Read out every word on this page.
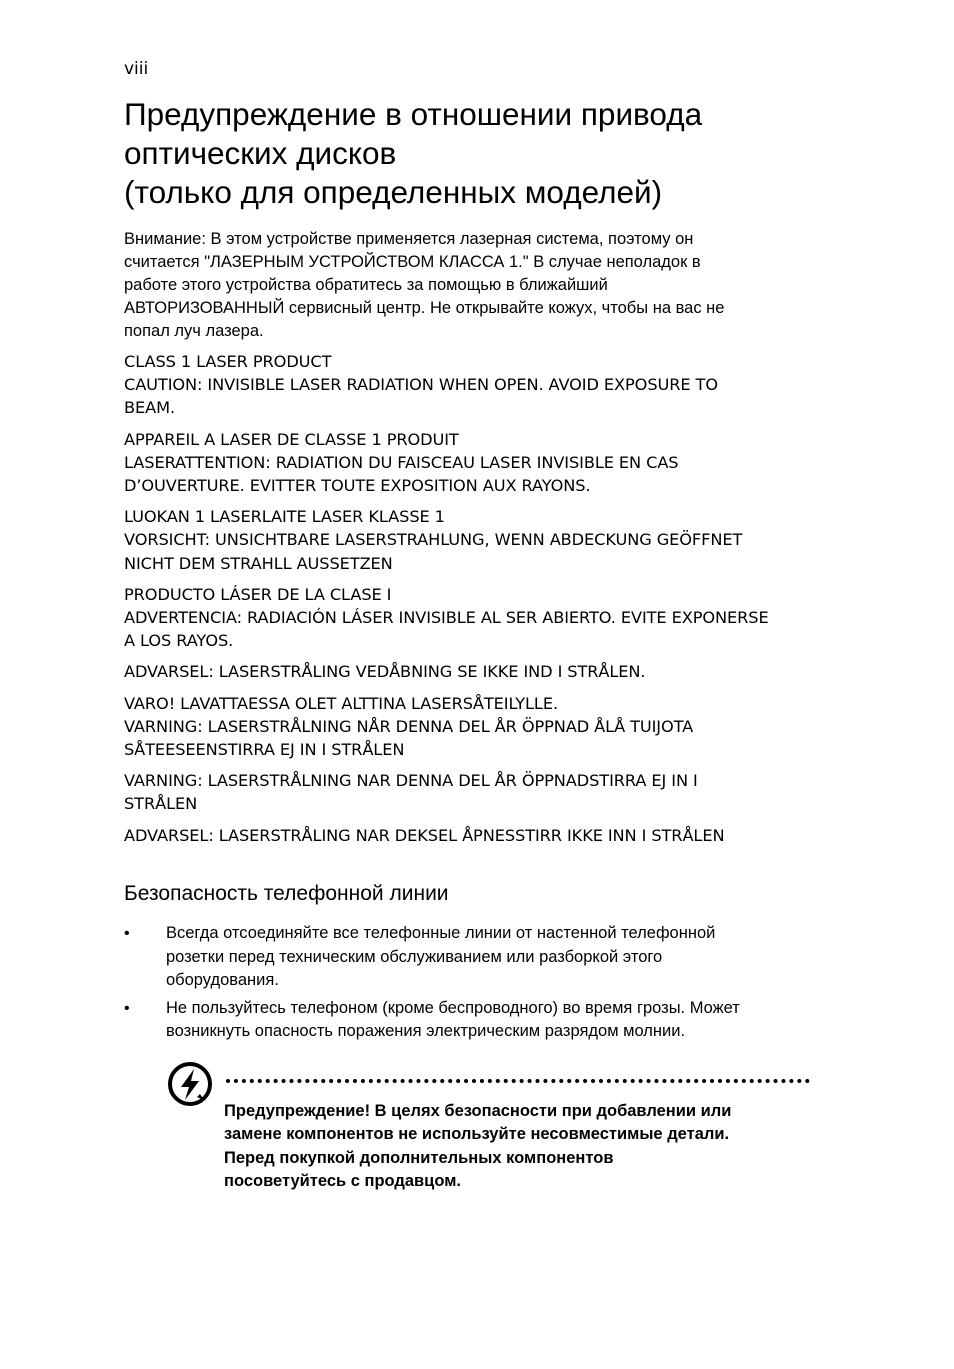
viii
Предупреждение в отношении привода
оптических дисков
(только для определенных моделей)
Внимание: В этом устройстве применяется лазерная система, поэтому он
считается "ЛАЗЕРНЫМ УСТРОЙСТВОМ КЛАССА 1." В случае неполадок в
работе этого устройства обратитесь за помощью в ближайший
АВТОРИЗОВАННЫЙ сервисный центр. Не открывайте кожух, чтобы на вас не
попал луч лазера.
CLASS 1 LASER PRODUCT
CAUTION: INVISIBLE LASER RADIATION WHEN OPEN. AVOID EXPOSURE TO
BEAM.
APPAREIL A LASER DE CLASSE 1 PRODUIT
LASERATTENTION: RADIATION DU FAISCEAU LASER INVISIBLE EN CAS
D’OUVERTURE. EVITTER TOUTE EXPOSITION AUX RAYONS.
LUOKAN 1 LASERLAITE LASER KLASSE 1
VORSICHT: UNSICHTBARE LASERSTRAHLUNG, WENN ABDECKUNG GEÖFFNET
NICHT DEM STRAHLL AUSSETZEN
PRODUCTO LÁSER DE LA CLASE I
ADVERTENCIA: RADIACIÓN LÁSER INVISIBLE AL SER ABIERTO. EVITE EXPONERSE
A LOS RAYOS.
ADVARSEL: LASERSTRÅLING VEDÅBNING SE IKKE IND I STRÅLEN.
VARO! LAVATTAESSA OLET ALTTINA LASERSÅTEILYLLE.
VARNING: LASERSTRÅLNING NÅR DENNA DEL ÅR ÖPPNAD ÅLÅ TUIJOTA
SÅTEESEENSTIRRA EJ IN I STRÅLEN
VARNING: LASERSTRÅLNING NAR DENNA DEL ÅR ÖPPNADSTIRRA EJ IN I
STRÅLEN
ADVARSEL: LASERSTRÅLING NAR DEKSEL ÅPNESSTIRR IKKE INN I STRÅLEN
Безопасность телефонной линии
• Всегда отсоединяйте все телефонные линии от настенной телефонной
розетки перед техническим обслуживанием или разборкой этого
оборудования.
• Не пользуйтесь телефоном (кроме беспроводного) во время грозы. Может
возникнуть опасность поражения электрическим разрядом молнии.
Предупреждение! В целях безопасности при добавлении или
замене компонентов не используйте несовместимые детали.
Перед покупкой дополнительных компонентов
посоветуйтесь с продавцом.
